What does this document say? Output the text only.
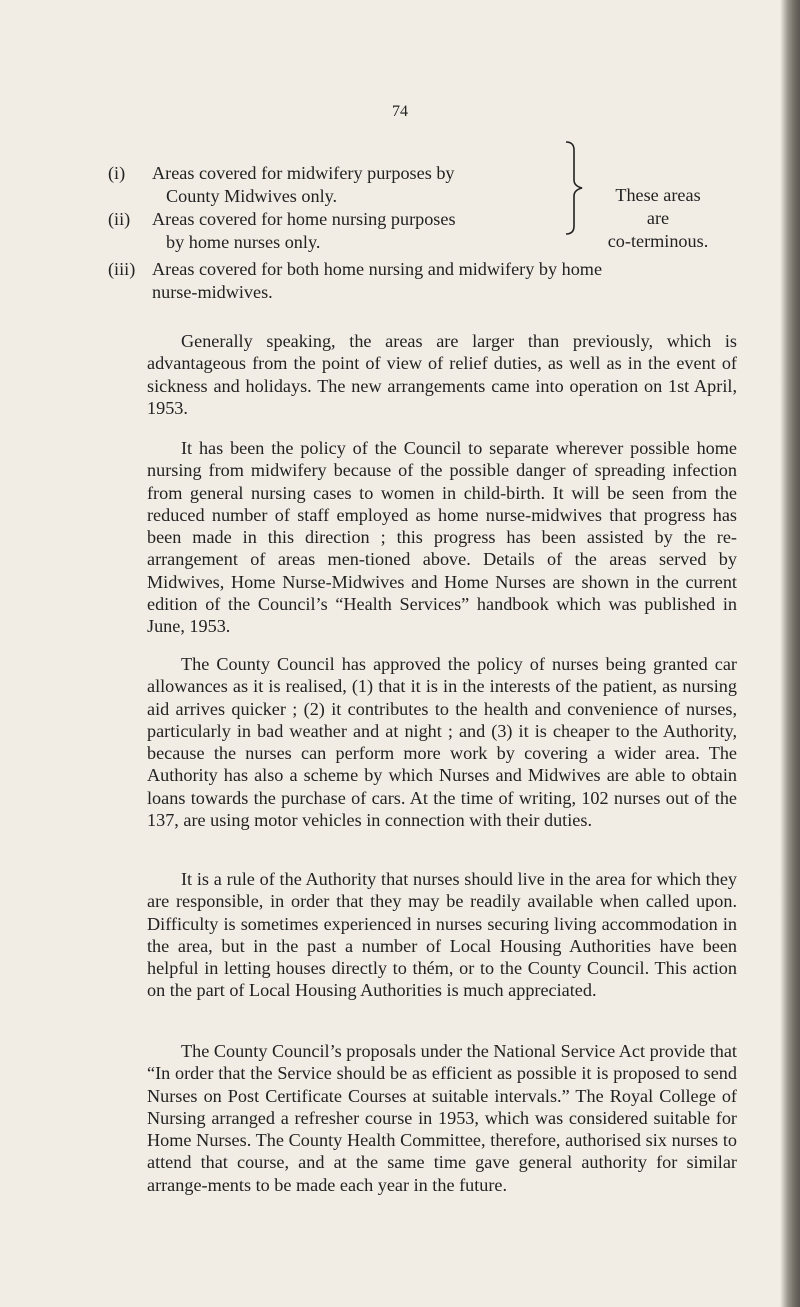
74
(i)	Areas covered for midwifery purposes by
County Midwives only.
(ii)	Areas covered for home nursing purposes
by home nurses only.
These areas
are
co-terminous.
(iii) Areas covered for both home nursing and midwifery by home
nurse-midwives.

Generally speaking, the areas are larger than previously, which is advantageous from the point of view of relief duties, as well as in the event of sickness and holidays. The new arrangements came into operation on 1st April, 1953.

It has been the policy of the Council to separate wherever possible home nursing from midwifery because of the possible danger of spreading infection from general nursing cases to women in child-birth. It will be seen from the reduced number of staff employed as home nurse-midwives that progress has been made in this direction ; this progress has been assisted by the re-arrangement of areas men-tioned above. Details of the areas served by Midwives, Home Nurse-Midwives and Home Nurses are shown in the current edition of the Council’s “Health Services” handbook which was published in June, 1953.

The County Council has approved the policy of nurses being granted car allowances as it is realised, (1) that it is in the interests of the patient, as nursing aid arrives quicker ; (2) it contributes to the health and convenience of nurses, particularly in bad weather and at night ; and (3) it is cheaper to the Authority, because the nurses can perform more work by covering a wider area. The Authority has also a scheme by which Nurses and Midwives are able to obtain loans towards the purchase of cars. At the time of writing, 102 nurses out of the 137, are using motor vehicles in connection with their duties.

It is a rule of the Authority that nurses should live in the area for which they are responsible, in order that they may be readily available when called upon. Difficulty is sometimes experienced in nurses securing living accommodation in the area, but in the past a number of Local Housing Authorities have been helpful in letting houses directly to thém, or to the County Council. This action on the part of Local Housing Authorities is much appreciated.

The County Council’s proposals under the National Service Act provide that “In order that the Service should be as efficient as possible it is proposed to send Nurses on Post Certificate Courses at suitable intervals.” The Royal College of Nursing arranged a refresher course in 1953, which was considered suitable for Home Nurses. The County Health Committee, therefore, authorised six nurses to attend that course, and at the same time gave general authority for similar arrange-ments to be made each year in the future.
